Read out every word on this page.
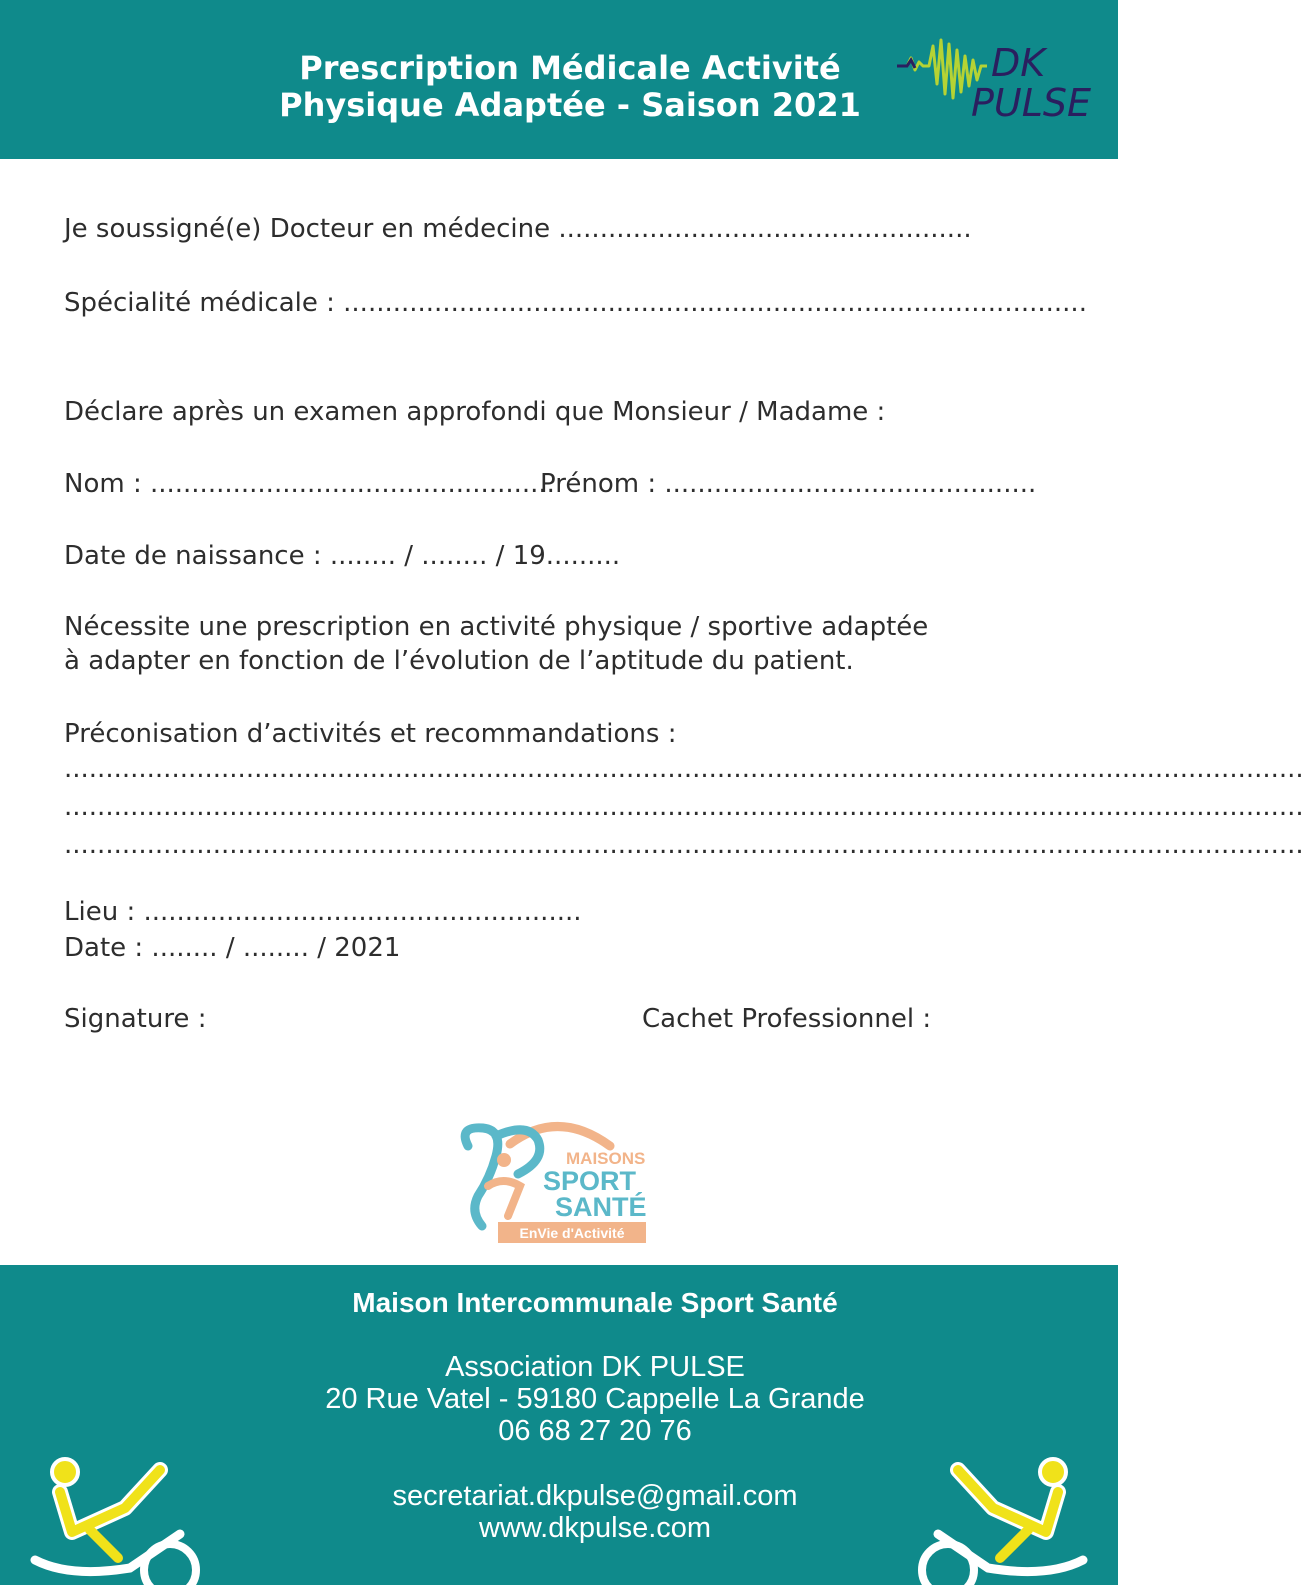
Prescription Médicale Activité
Physique Adaptée - Saison 2021
DK
PULSE
Je soussigné(e) Docteur en médecine ..................................................
Spécialité médicale : ..........................................................................................
Déclare après un examen approfondi que Monsieur / Madame :
Nom : .................................................
Prénom : .............................................
Date de naissance : ........ / ........ / 19.........
Nécessite une prescription en activité physique / sportive adaptée
à adapter en fonction de l’évolution de l’aptitude du patient.
Préconisation d’activités et recommandations :
......................................................................................................................................................
......................................................................................................................................................
......................................................................................................................................................
Lieu : .....................................................
Date : ........ / ........ / 2021
Signature :	Cachet Professionnel :
MAISONS
SPORT
SANTÉ
EnVie d'Activité
Maison Intercommunale Sport Santé
Association DK PULSE
20 Rue Vatel - 59180 Cappelle La Grande
06 68 27 20 76
secretariat.dkpulse@gmail.com
www.dkpulse.com
